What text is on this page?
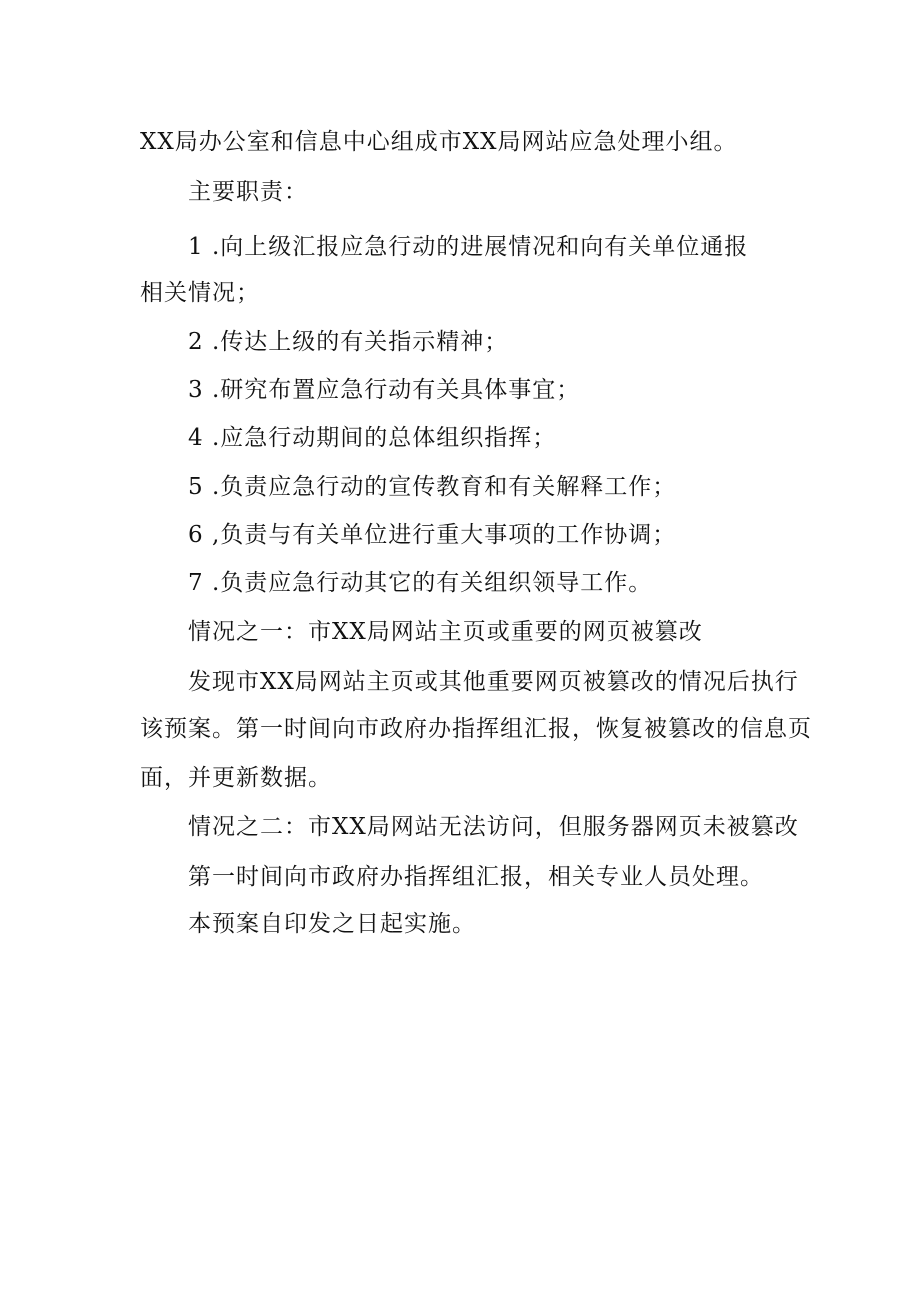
XX局办公室和信息中心组成市XX局网站应急处理小组。
主要职责：
1 .向上级汇报应急行动的进展情况和向有关单位通报
相关情况；
2 .传达上级的有关指示精神；
3 .研究布置应急行动有关具体事宜；
4 .应急行动期间的总体组织指挥；
5 .负责应急行动的宣传教育和有关解释工作；
6 ,负责与有关单位进行重大事项的工作协调；
7 .负责应急行动其它的有关组织领导工作。
情况之一：市XX局网站主页或重要的网页被篡改
发现市XX局网站主页或其他重要网页被篡改的情况后执行
该预案。第一时间向市政府办指挥组汇报，恢复被篡改的信息页
面，并更新数据。
情况之二：市XX局网站无法访问，但服务器网页未被篡改
第一时间向市政府办指挥组汇报，相关专业人员处理。
本预案自印发之日起实施。
